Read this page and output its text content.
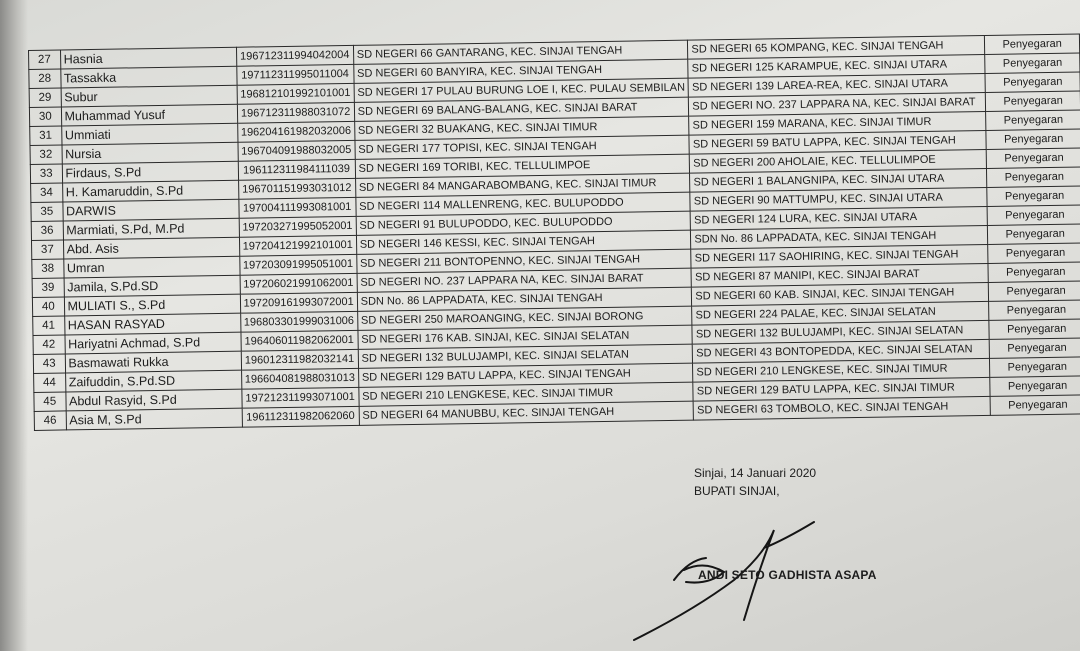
27	Hasnia	196712311994042004	SD NEGERI 66 GANTARANG, KEC. SINJAI TENGAH	SD NEGERI 65 KOMPANG, KEC. SINJAI TENGAH	Penyegaran
28	Tassakka	197112311995011004	SD NEGERI 60 BANYIRA, KEC. SINJAI TENGAH	SD NEGERI 125 KARAMPUE, KEC. SINJAI UTARA	Penyegaran
29	Subur	196812101992101001	SD NEGERI 17 PULAU BURUNG LOE I, KEC. PULAU SEMBILAN	SD NEGERI 139 LAREA-REA, KEC. SINJAI UTARA	Penyegaran
30	Muhammad Yusuf	196712311988031072	SD NEGERI 69 BALANG-BALANG, KEC. SINJAI BARAT	SD NEGERI NO. 237 LAPPARA NA, KEC. SINJAI BARAT	Penyegaran
31	Ummiati	196204161982032006	SD NEGERI 32 BUAKANG, KEC. SINJAI TIMUR	SD NEGERI 159 MARANA, KEC. SINJAI TIMUR	Penyegaran
32	Nursia	196704091988032005	SD NEGERI 177 TOPISI, KEC. SINJAI TENGAH	SD NEGERI 59 BATU LAPPA, KEC. SINJAI TENGAH	Penyegaran
33	Firdaus, S.Pd	196112311984111039	SD NEGERI 169 TORIBI, KEC. TELLULIMPOE	SD NEGERI 200 AHOLAIE, KEC. TELLULIMPOE	Penyegaran
34	H. Kamaruddin, S.Pd	196701151993031012	SD NEGERI 84 MANGARABOMBANG, KEC. SINJAI TIMUR	SD NEGERI 1 BALANGNIPA, KEC. SINJAI UTARA	Penyegaran
35	DARWIS	197004111993081001	SD NEGERI 114 MALLENRENG, KEC. BULUPODDO	SD NEGERI 90 MATTUMPU, KEC. SINJAI UTARA	Penyegaran
36	Marmiati, S.Pd, M.Pd	197203271995052001	SD NEGERI 91 BULUPODDO, KEC. BULUPODDO	SD NEGERI 124 LURA, KEC. SINJAI UTARA	Penyegaran
37	Abd. Asis	197204121992101001	SD NEGERI 146 KESSI, KEC. SINJAI TENGAH	SDN No. 86 LAPPADATA, KEC. SINJAI TENGAH	Penyegaran
38	Umran	197203091995051001	SD NEGERI 211 BONTOPENNO, KEC. SINJAI TENGAH	SD NEGERI 117 SAOHIRING, KEC. SINJAI TENGAH	Penyegaran
39	Jamila, S.Pd.SD	197206021991062001	SD NEGERI NO. 237 LAPPARA NA, KEC. SINJAI BARAT	SD NEGERI 87 MANIPI, KEC. SINJAI BARAT	Penyegaran
40	MULIATI S., S.Pd	197209161993072001	SDN No. 86 LAPPADATA, KEC. SINJAI TENGAH	SD NEGERI 60 KAB. SINJAI, KEC. SINJAI TENGAH	Penyegaran
41	HASAN RASYAD	196803301999031006	SD NEGERI 250 MAROANGING, KEC. SINJAI BORONG	SD NEGERI 224 PALAE, KEC. SINJAI SELATAN	Penyegaran
42	Hariyatni Achmad, S.Pd	196406011982062001	SD NEGERI 176 KAB. SINJAI, KEC. SINJAI SELATAN	SD NEGERI 132 BULUJAMPI, KEC. SINJAI SELATAN	Penyegaran
43	Basmawati Rukka	196012311982032141	SD NEGERI 132 BULUJAMPI, KEC. SINJAI SELATAN	SD NEGERI 43 BONTOPEDDA, KEC. SINJAI SELATAN	Penyegaran
44	Zaifuddin, S.Pd.SD	196604081988031013	SD NEGERI 129 BATU LAPPA, KEC. SINJAI TENGAH	SD NEGERI 210 LENGKESE, KEC. SINJAI TIMUR	Penyegaran
45	Abdul Rasyid, S.Pd	197212311993071001	SD NEGERI 210 LENGKESE, KEC. SINJAI TIMUR	SD NEGERI 129 BATU LAPPA, KEC. SINJAI TIMUR	Penyegaran
46	Asia M, S.Pd	196112311982062060	SD NEGERI 64 MANUBBU, KEC. SINJAI TENGAH	SD NEGERI 63 TOMBOLO, KEC. SINJAI TENGAH	Penyegaran
Sinjai, 14 Januari 2020
BUPATI SINJAI,
ANDI SETO GADHISTA ASAPA
